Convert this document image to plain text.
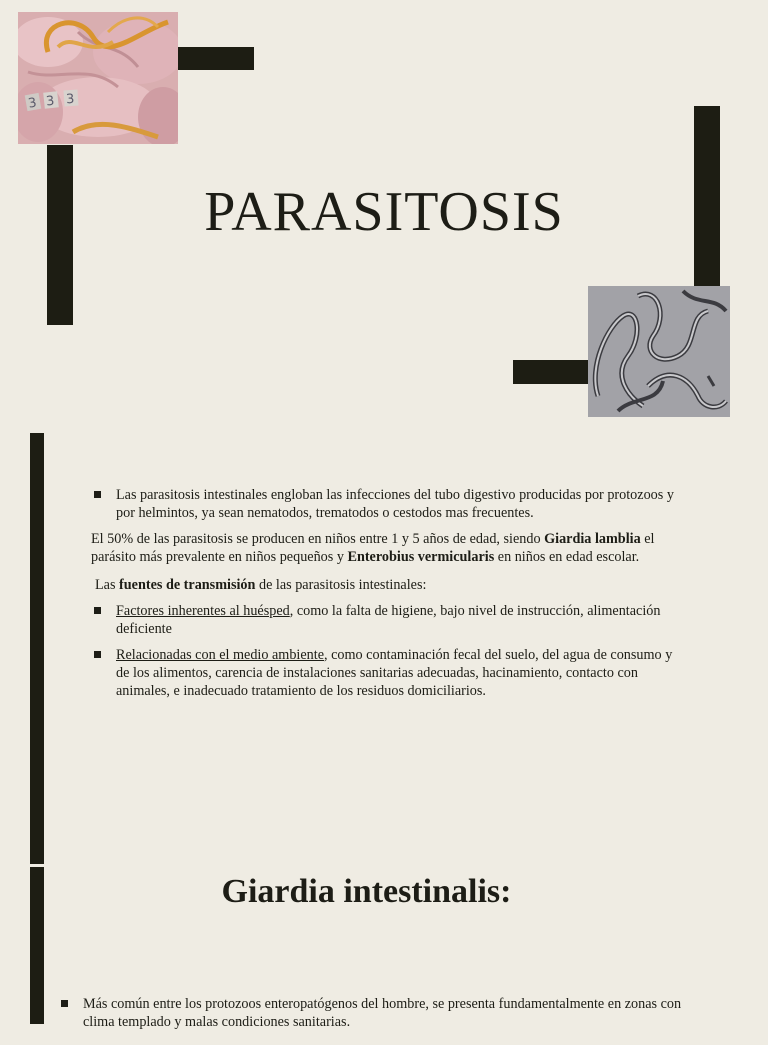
3 3 3
PARASITOSIS

Las parasitosis intestinales engloban las infecciones del tubo digestivo producidas por protozoos y por helmintos, ya sean nematodos, trematodos o cestodos mas frecuentes.

El 50% de las parasitosis se producen en niños entre 1 y 5 años de edad, siendo Giardia lamblia el parásito más prevalente en niños pequeños y Enterobius vermicularis en niños en edad escolar.

Las fuentes de transmisión de las parasitosis intestinales:

Factores inherentes al huésped, como la falta de higiene, bajo nivel de instrucción, alimentación deficiente

Relacionadas con el medio ambiente, como contaminación fecal del suelo, del agua de consumo y de los alimentos, carencia de instalaciones sanitarias adecuadas, hacinamiento, contacto con animales, e inadecuado tratamiento de los residuos domiciliarios.

Giardia intestinalis:

Más común entre los protozoos enteropatógenos del hombre, se presenta fundamentalmente en zonas con clima templado y malas condiciones sanitarias.
